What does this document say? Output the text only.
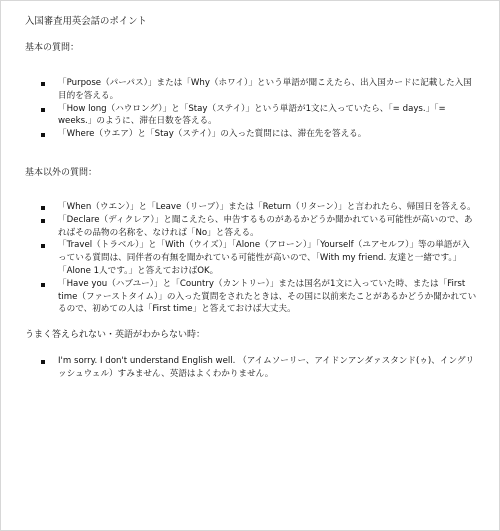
入国審査用英会話のポイント
基本の質問：
「Purpose（パーパス）」または「Why（ホワイ）」という単語が聞こえたら、出入国カードに記載した入国目的を答える。
「How long（ハウロング）」と「Stay（ステイ）」という単語が1文に入っていたら、「= days.」「= weeks.」のように、滞在日数を答える。
「Where（ウエア）と「Stay（ステイ）」の入った質問には、滞在先を答える。
基本以外の質問：
「When（ウエン）」と「Leave（リーブ）」または「Return（リターン）」と言われたら、帰国日を答える。
「Declare（ディクレア）」と聞こえたら、申告するものがあるかどうか聞かれている可能性が高いので、あればその品物の名称を、なければ「No」と答える。
「Travel（トラベル）」と「With（ウイズ）」「Alone（アローン）」「Yourself（ユアセルフ）」等の単語が入っている質問は、同伴者の有無を聞かれている可能性が高いので、「With my friend. 友達と一緒です。」「Alone 1人です。」と答えておけばOK。
「Have you（ハブユー）」と「Country（カントリー）」または国名が1文に入っていた時、または「First time（ファーストタイム）」の入った質問をされたときは、その国に以前来たことがあるかどうか聞かれているので、初めての人は「First time」と答えておけば大丈夫。
うまく答えられない・英語がわからない時：
I'm sorry. I don't understand English well. （アイムソーリー、アイドンアンダァスタンド(ゥ)、イングリッシュウェル）すみません、英語はよくわかりません。
